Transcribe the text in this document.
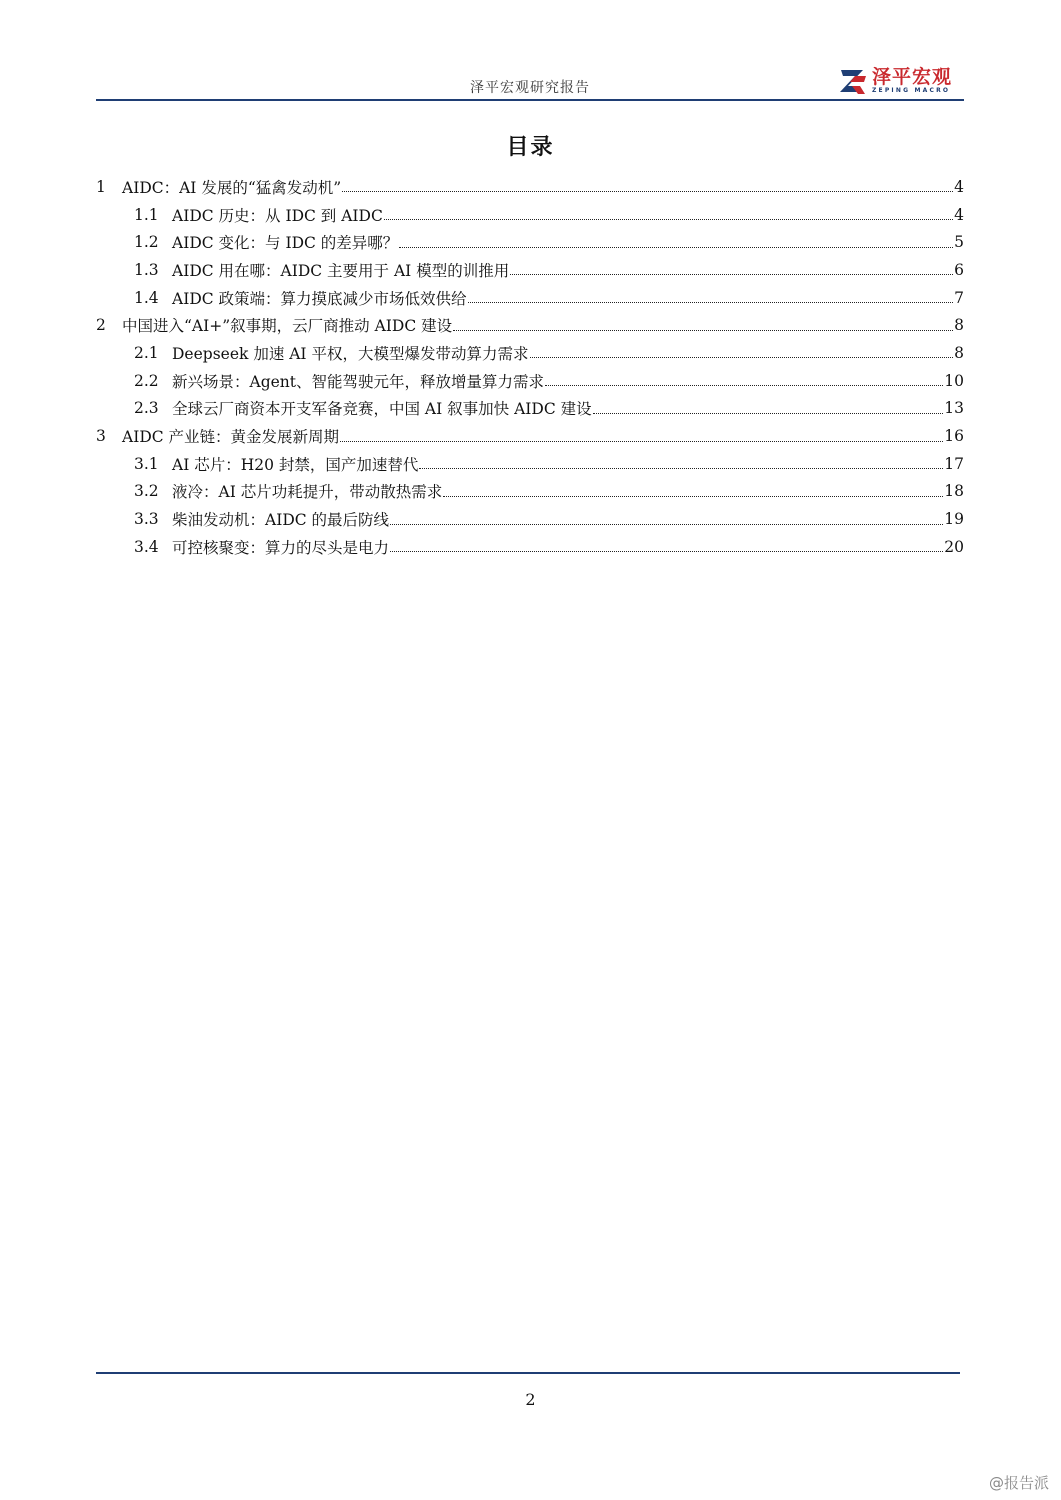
泽平宏观研究报告	泽平宏观
ZEPING MACRO
目录
1	AIDC：AI 发展的“猛禽发动机”	4
1.1 AIDC 历史：从 IDC 到 AIDC	4
1.2 AIDC 变化：与 IDC 的差异哪？	5
1.3 AIDC 用在哪：AIDC 主要用于 AI 模型的训推用	6
1.4 AIDC 政策端：算力摸底减少市场低效供给	7
2	中国进入“AI+”叙事期，云厂商推动 AIDC 建设	8
2.1 Deepseek 加速 AI 平权，大模型爆发带动算力需求	8
2.2 新兴场景：Agent、智能驾驶元年，释放增量算力需求	10
2.3 全球云厂商资本开支军备竞赛，中国 AI 叙事加快 AIDC 建设	13
3	AIDC 产业链：黄金发展新周期	16
3.1 AI 芯片：H20 封禁，国产加速替代	17
3.2 液冷：AI 芯片功耗提升，带动散热需求	18
3.3 柴油发动机：AIDC 的最后防线	19
3.4 可控核聚变：算力的尽头是电力	20
2
@报告派
